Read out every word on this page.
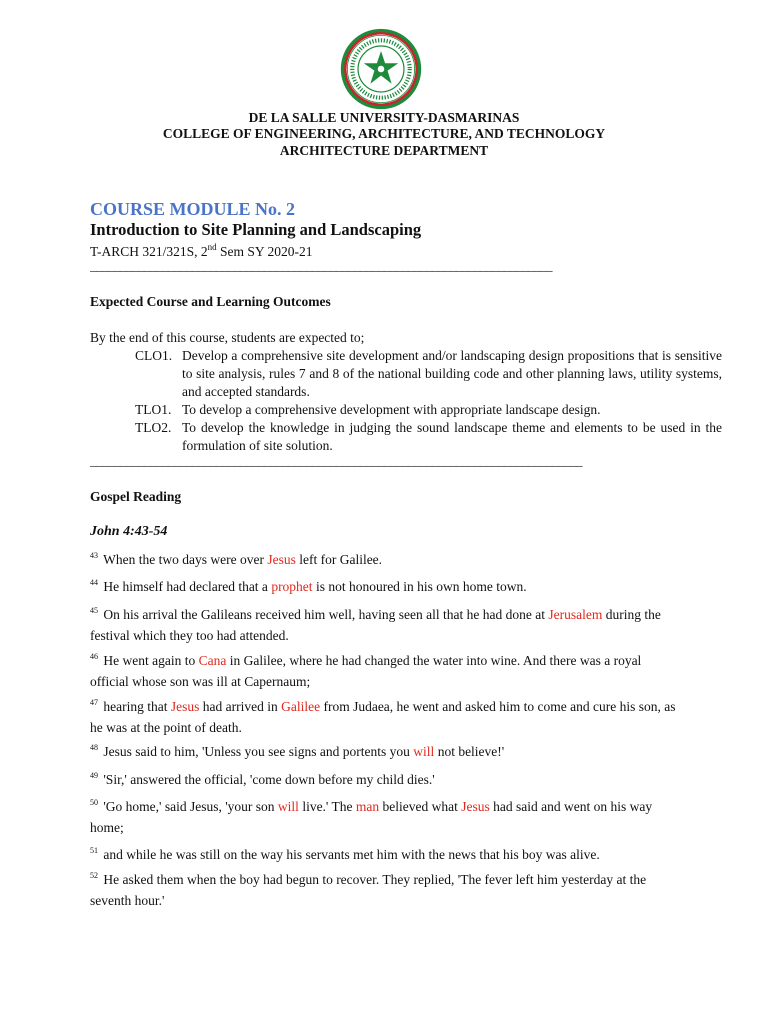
DE LA SALLE UNIVERSITY-DASMARINAS
COLLEGE OF ENGINEERING, ARCHITECTURE, AND TECHNOLOGY
ARCHITECTURE DEPARTMENT
COURSE MODULE No. 2
Introduction to Site Planning and Landscaping
T-ARCH 321/321S, 2nd Sem SY 2020-21
_____________________________________________________________________________
Expected Course and Learning Outcomes
By the end of this course, students are expected to;
CLO1. Develop a comprehensive site development and/or landscaping design propositions that is sensitive to site analysis, rules 7 and 8 of the national building code and other planning laws, utility systems, and accepted standards.
TLO1. To develop a comprehensive development with appropriate landscape design.
TLO2. To develop the knowledge in judging the sound landscape theme and elements to be used in the formulation of site solution.
__________________________________________________________________________________
Gospel Reading
John 4:43-54
$^{43}$ When the two days were over Jesus left for Galilee.
$^{44}$ He himself had declared that a prophet is not honoured in his own home town.
$^{45}$ On his arrival the Galileans received him well, having seen all that he had done at Jerusalem during the festival which they too had attended.
$^{46}$ He went again to Cana in Galilee, where he had changed the water into wine. And there was a royal official whose son was ill at Capernaum;
$^{47}$ hearing that Jesus had arrived in Galilee from Judaea, he went and asked him to come and cure his son, as he was at the point of death.
$^{48}$ Jesus said to him, 'Unless you see signs and portents you will not believe!'
$^{49}$ 'Sir,' answered the official, 'come down before my child dies.'
$^{50}$ 'Go home,' said Jesus, 'your son will live.' The man believed what Jesus had said and went on his way home;
$^{51}$ and while he was still on the way his servants met him with the news that his boy was alive.
$^{52}$ He asked them when the boy had begun to recover. They replied, 'The fever left him yesterday at the seventh hour.'
